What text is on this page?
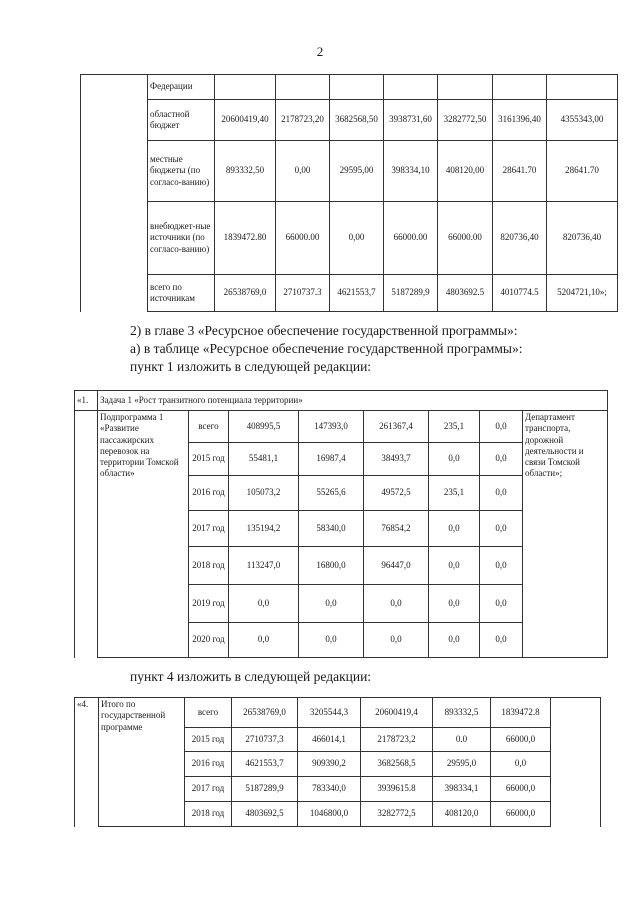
2
	Федерации							
	областной бюджет	20600419,40	2178723,20	3682568,50	3938731,60	3282772,50	3161396,40	4355343,00
	местные бюджеты (по согласо-ванию)	893332,50	0,00	29595,00	398334,10	408120,00	28641.70	28641.70
	внебюджет-ные источники (по согласо-ванию)	1839472.80	66000.00	0,00	66000.00	66000.00	820736,40	820736,40
	всего по источникам	26538769,0	2710737.3	4621553,7	5187289,9	4803692.5	4010774.5	5204721,10»;
2) в главе 3 «Ресурсное обеспечение государственной программы»:
а) в таблице «Ресурсное обеспечение государственной программы»:
пункт 1 изложить в следующей редакции:
«1.	Задача 1 «Рост транзитного потенциала территории»							
	Подпрограмма 1 «Развитие пассажирских перевозок на территории Томской области»	всего	408995,5	147393,0	261367,4	235,1	0,0	Департамент транспорта, дорожной деятельности и связи Томской области»;
		2015 год	55481,1	16987,4	38493,7	0,0	0,0	
		2016 год	105073,2	55265,6	49572,5	235,1	0,0	
		2017 год	135194,2	58340,0	76854,2	0,0	0,0	
		2018 год	113247,0	16800,0	96447,0	0,0	0,0	
		2019 год	0,0	0,0	0,0	0,0	0,0	
		2020 год	0,0	0,0	0,0	0,0	0,0	
пункт 4 изложить в следующей редакции:
«4.	Итого по государственной программе	всего	26538769,0	3205544,3	20600419,4	893332,5	1839472.8	
		2015 год	2710737,3	466014,1	2178723,2	0.0	66000,0	
		2016 год	4621553,7	909390,2	3682568,5	29595,0	0,0	
		2017 год	5187289,9	783340,0	3939615.8	398334,1	66000,0	
		2018 год	4803692,5	1046800,0	3282772,5	408120,0	66000,0	
